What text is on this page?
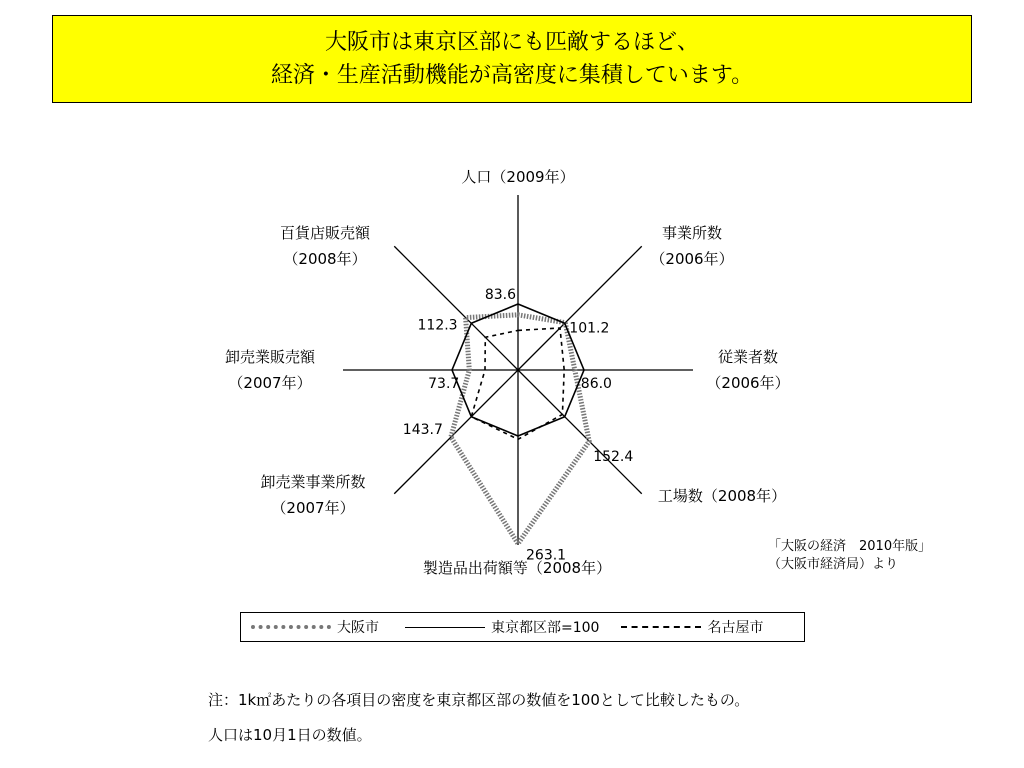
大阪市は東京区部にも匹敵するほど、
経済・生産活動機能が高密度に集積しています。
83.6
101.2
86.0
152.4
263.1
143.7
73.7
112.3
人口（2009年）
事業所数（2006年）
従業者数（2006年）
工場数（2008年）
製造品出荷額等（2008年）
卸売業事業所数（2007年）
卸売業販売額（2007年）
百貨店販売額（2008年）
大阪市	東京都区部=100	名古屋市
「大阪の経済　2010年版」
（大阪市経済局）より
注：1k㎡あたりの各項目の密度を東京都区部の数値を100として比較したもの。
人口は10月1日の数値。
